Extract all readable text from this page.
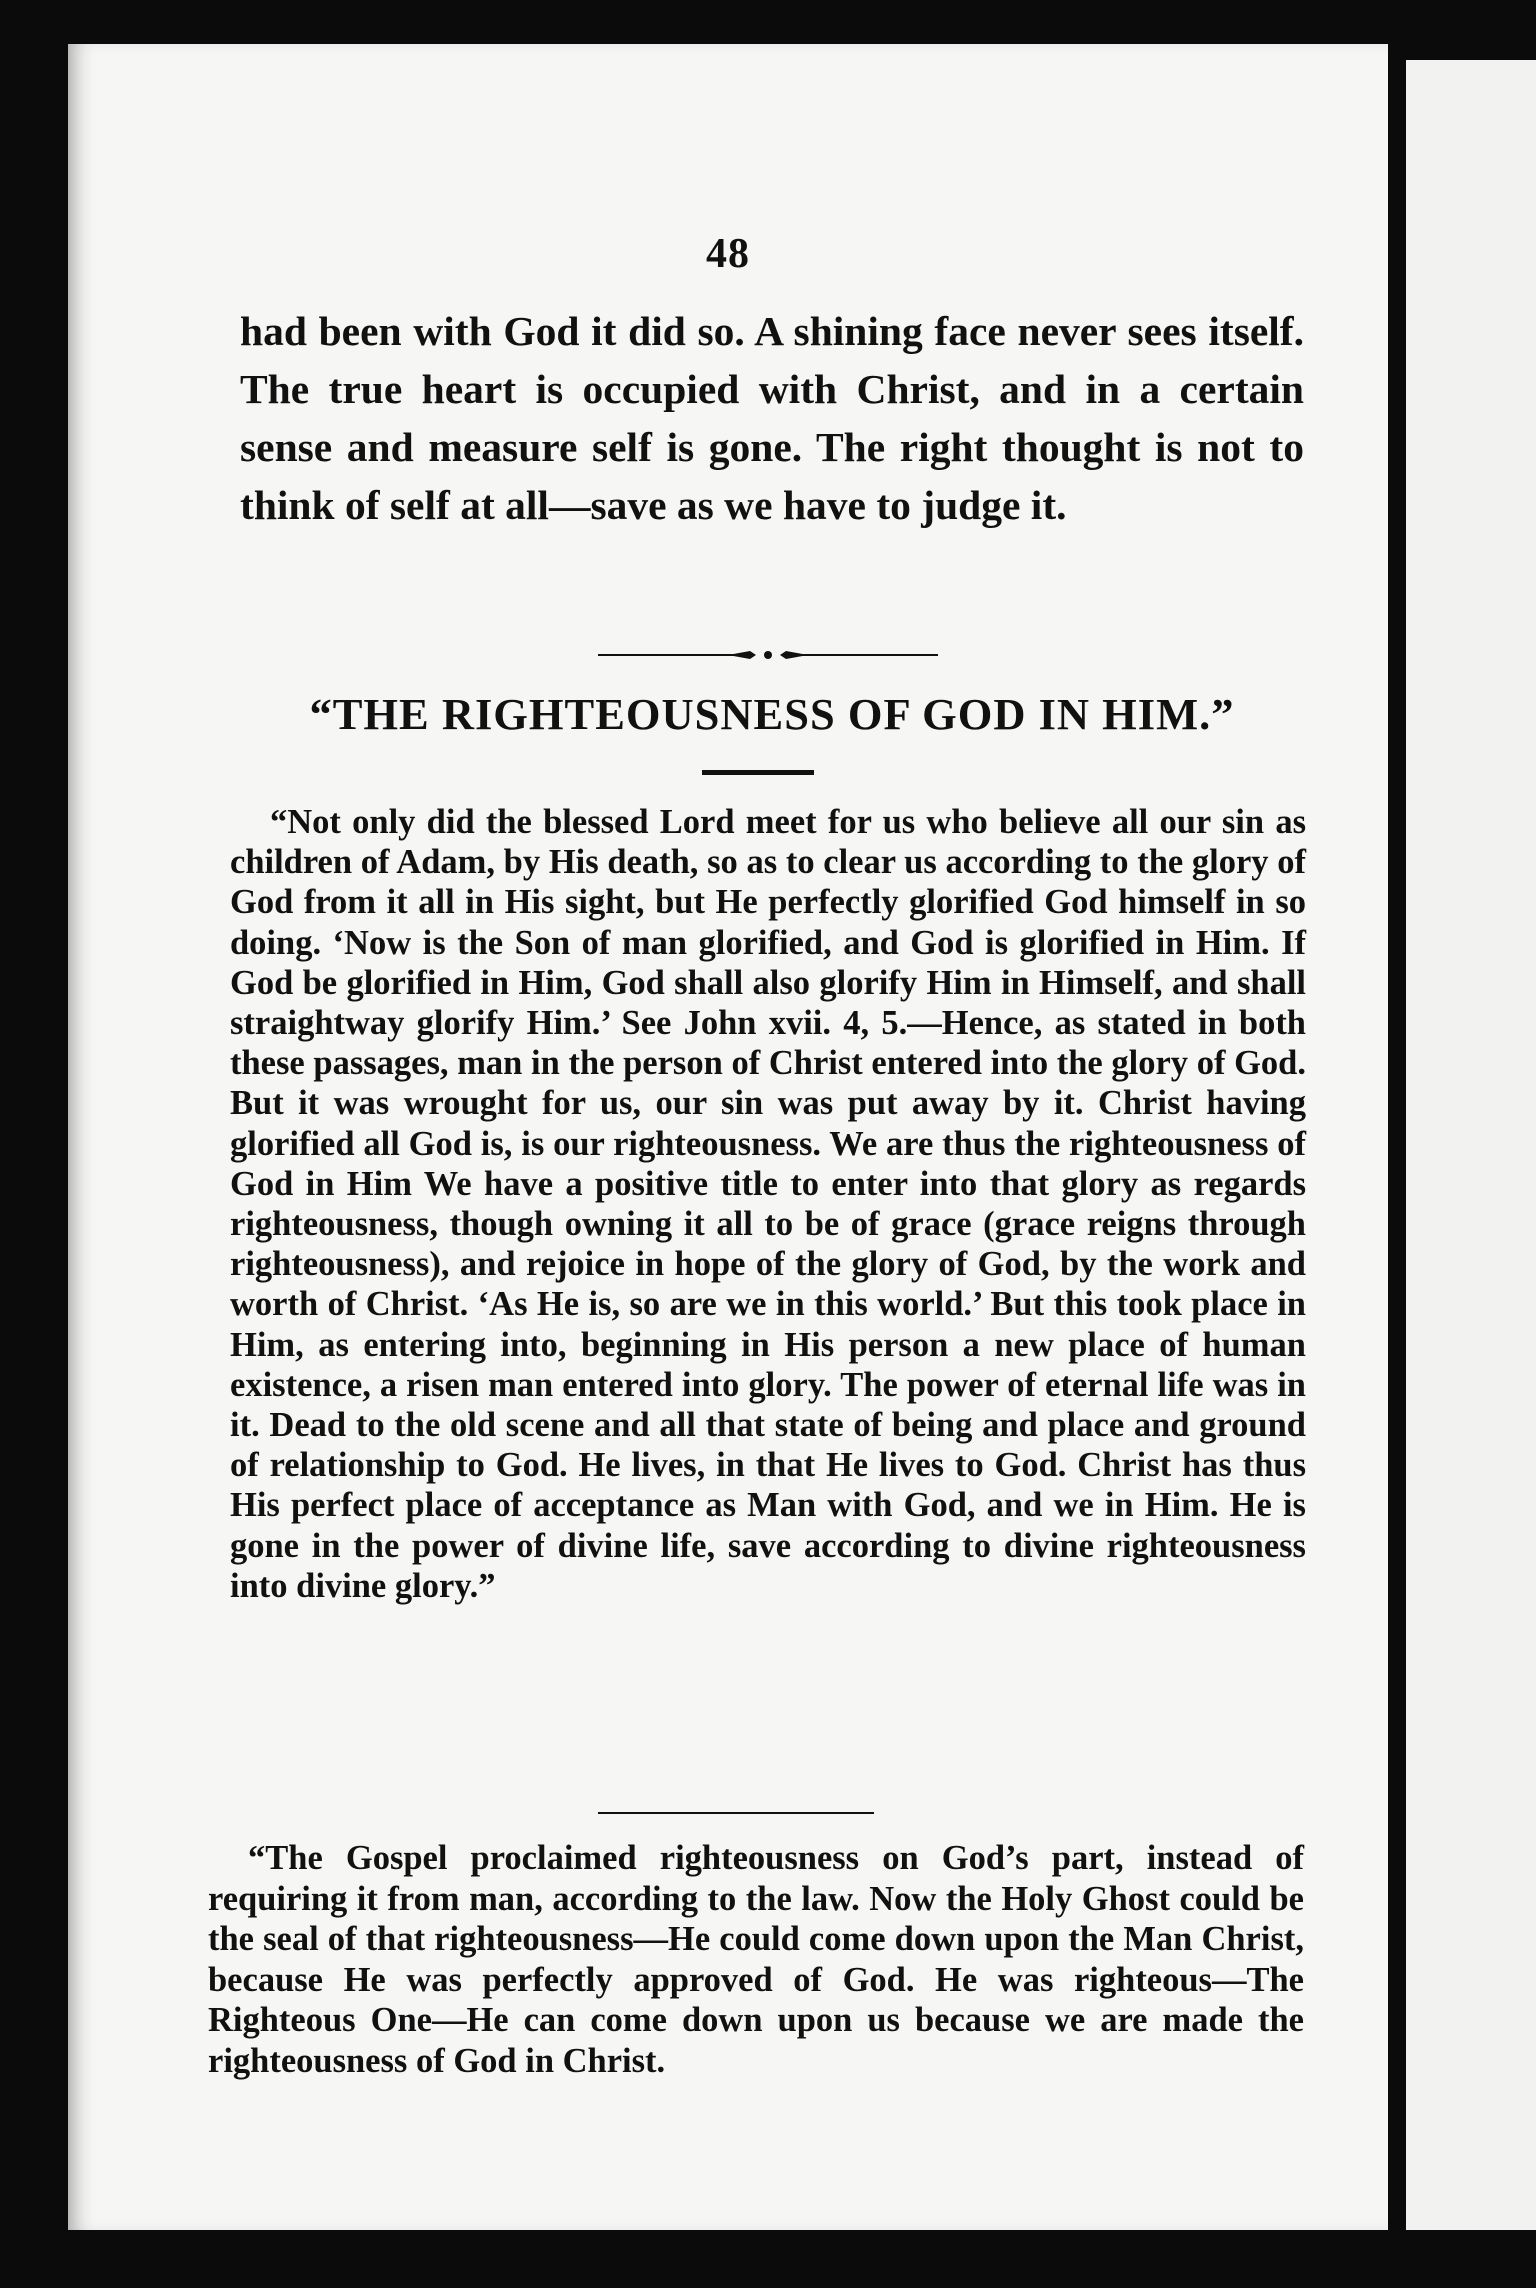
48
had been with God it did so. A shining face never sees itself. The true heart is occupied with Christ, and in a certain sense and measure self is gone. The right thought is not to think of self at all—save as we have to judge it.
“THE RIGHTEOUSNESS OF GOD IN HIM.”

“Not only did the blessed Lord meet for us who believe all our sin as children of Adam, by His death, so as to clear us according to the glory of God from it all in His sight, but He perfectly glorified God himself in so doing. ‘Now is the Son of man glorified, and God is glorified in Him. If God be glorified in Him, God shall also glorify Him in Himself, and shall straightway glorify Him.’ See John xvii. 4, 5.—Hence, as stated in both these passages, man in the person of Christ entered into the glory of God. But it was wrought for us, our sin was put away by it. Christ having glorified all God is, is our righteousness. We are thus the righteousness of God in Him We have a positive title to enter into that glory as regards righteousness, though owning it all to be of grace (grace reigns through righteousness), and rejoice in hope of the glory of God, by the work and worth of Christ. ‘As He is, so are we in this world.’ But this took place in Him, as entering into, beginning in His person a new place of human existence, a risen man entered into glory. The power of eternal life was in it. Dead to the old scene and all that state of being and place and ground of relationship to God. He lives, in that He lives to God. Christ has thus His perfect place of acceptance as Man with God, and we in Him. He is gone in the power of divine life, save according to divine righteousness into divine glory.”

“The Gospel proclaimed righteousness on God’s part, instead of requiring it from man, according to the law. Now the Holy Ghost could be the seal of that righteousness—He could come down upon the Man Christ, because He was perfectly approved of God. He was righteous—The Righteous One—He can come down upon us because we are made the righteousness of God in Christ.
